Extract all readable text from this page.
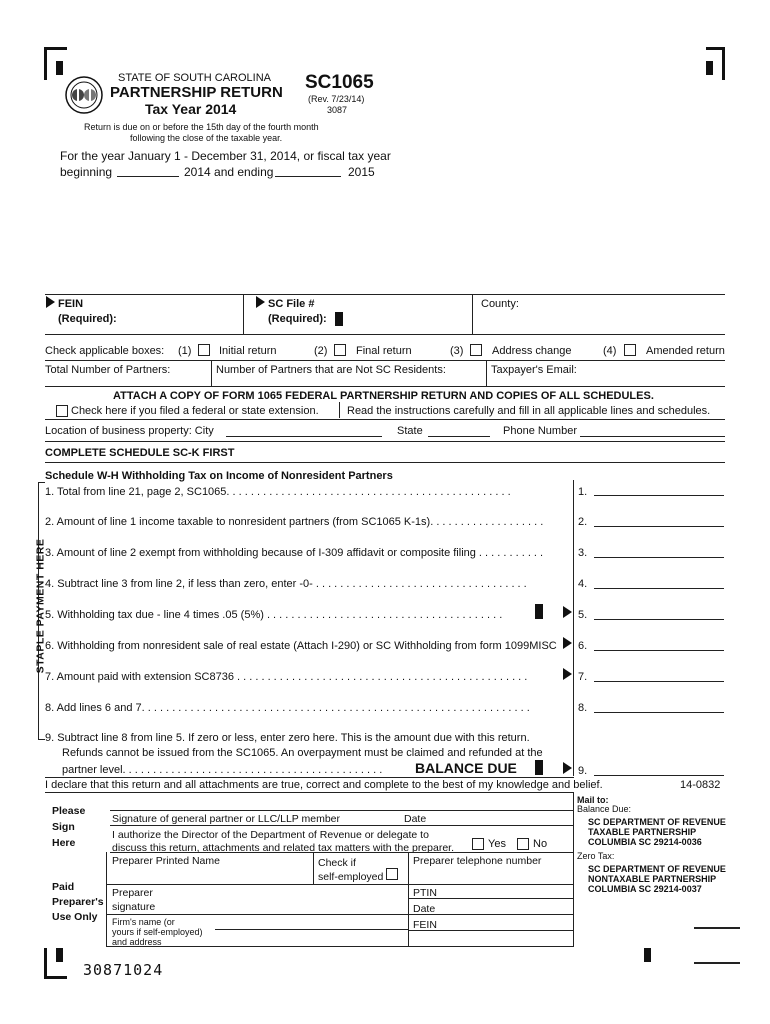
STATE OF SOUTH CAROLINA
PARTNERSHIP RETURN
Tax Year 2014
SC1065
(Rev. 7/23/14)
3087
Return is due on or before the 15th day of the fourth month
following the close of the taxable year.
For the year January 1 - December 31, 2014, or fiscal tax year
beginning	2014 and ending	2015
FEIN
(Required):
SC File #
(Required):
County:
Check applicable boxes: (1)	Initial return	(2)	Final return	(3)	Address change	(4)	Amended return
Total Number of Partners:	Number of Partners that are Not SC Residents:	Taxpayer's Email:
ATTACH A COPY OF FORM 1065 FEDERAL PARTNERSHIP RETURN AND COPIES OF ALL SCHEDULES.
Check here if you filed a federal or state extension.	Read the instructions carefully and fill in all applicable lines and schedules.
Location of business property: City	State	Phone Number
COMPLETE SCHEDULE SC-K FIRST
STAPLE PAYMENT HERE
Schedule W-H Withholding Tax on Income of Nonresident Partners
1. Total from line 21, page 2, SC1065. . . . . . . . . . . . . . . . . . . . . . . . . . . . . . . . . . . . . . . . . . . . . . .	1.
2. Amount of line 1 income taxable to nonresident partners (from SC1065 K-1s). . . . . . . . . . . . . . . . . . .	2.
3. Amount of line 2 exempt from withholding because of I-309 affidavit or composite filing . . . . . . . . . . .	3.
4. Subtract line 3 from line 2, if less than zero, enter -0- . . . . . . . . . . . . . . . . . . . . . . . . . . . . . . . . . . .	4.
5. Withholding tax due - line 4 times .05 (5%) . . . . . . . . . . . . . . . . . . . . . . . . . . . . . . . . . . . . . . .	5.
6. Withholding from nonresident sale of real estate (Attach I-290) or SC Withholding from form 1099MISC 6.
7. Amount paid with extension SC8736 . . . . . . . . . . . . . . . . . . . . . . . . . . . . . . . . . . . . . . . . . . . . . . . .	7.
8. Add lines 6 and 7. . . . . . . . . . . . . . . . . . . . . . . . . . . . . . . . . . . . . . . . . . . . . . . . . . . . . . . . . . . . . . . .	8.
9. Subtract line 8 from line 5. If zero or less, enter zero here. This is the amount due with this return.
Refunds cannot be issued from the SC1065. An overpayment must be claimed and refunded at the
partner level. . . . . . . . . . . . . . . . . . . . . . . . . . . . . . . . . . . . . . . . . . . BALANCE DUE	9.
I declare that this return and all attachments are true, correct and complete to the best of my knowledge and belief.	14-0832
Please
Sign
Here
Signature of general partner or LLC/LLP member	Date
I authorize the Director of the Department of Revenue or delegate to
discuss this return, attachments and related tax matters with the preparer.	Yes No
Preparer Printed Name	Check if
self-employed
Preparer telephone number
Paid
Preparer's
Use Only
Preparer
signature
PTIN
Date
Firm's name (or
yours if self-employed)
and address
FEIN
Mail to:
Balance Due:
SC DEPARTMENT OF REVENUE
TAXABLE PARTNERSHIP
COLUMBIA SC 29214-0036
Zero Tax:
SC DEPARTMENT OF REVENUE
NONTAXABLE PARTNERSHIP
COLUMBIA SC 29214-0037
30871024
